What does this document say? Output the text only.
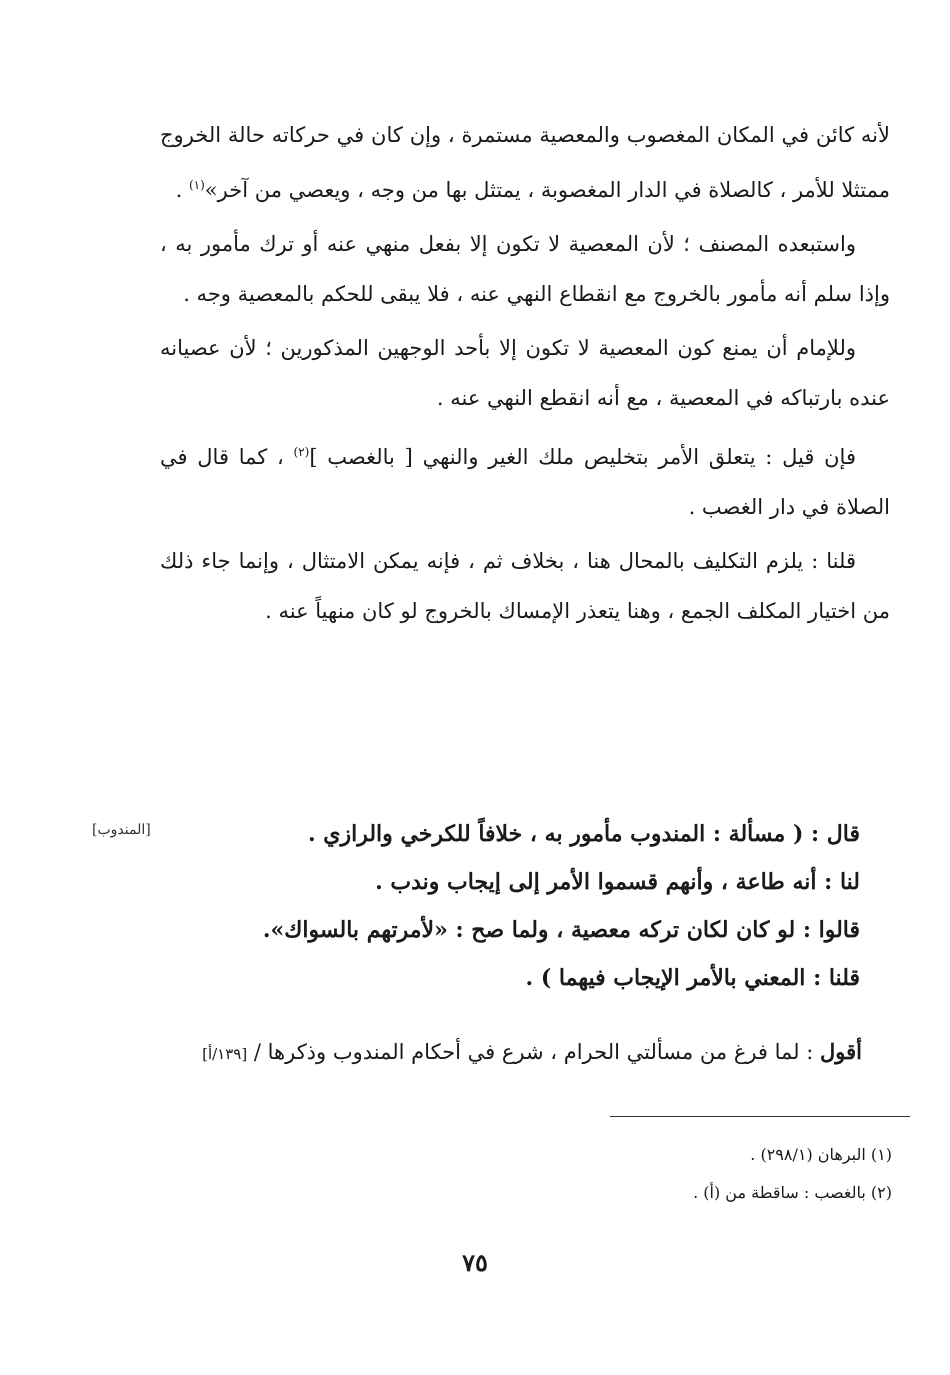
لأنه كائن في المكان المغصوب والمعصية مستمرة ، وإن كان في حركاته حالة الخروج ممتثلا للأمر ، كالصلاة في الدار المغصوبة ، يمتثل بها من وجه ، ويعصي من آخر»$^{(١)}$ .

واستبعده المصنف ؛ لأن المعصية لا تكون إلا بفعل منهي عنه أو ترك مأمور به ، وإذا سلم أنه مأمور بالخروج مع انقطاع النهي عنه ، فلا يبقى للحكم بالمعصية وجه .

وللإمام أن يمنع كون المعصية لا تكون إلا بأحد الوجهين المذكورين ؛ لأن عصيانه عنده بارتباكه في المعصية ، مع أنه انقطع النهي عنه .

فإن قيل : يتعلق الأمر بتخليص ملك الغير والنهي [ بالغصب ]$^{(٢)}$ ، كما قال في الصلاة في دار الغصب .

قلنا : يلزم التكليف بالمحال هنا ، بخلاف ثم ، فإنه يمكن الامتثال ، وإنما جاء ذلك من اختيار المكلف الجمع ، وهنا يتعذر الإمساك بالخروج لو كان منهياً عنه .

[المندوب]	قال : ( مسألة : المندوب مأمور به ، خلافاً للكرخي والرازي .

لنا : أنه طاعة ، وأنهم قسموا الأمر إلى إيجاب وندب .

قالوا : لو كان لكان تركه معصية ، ولما صح : «لأمرتهم بالسواك».

قلنا : المعني بالأمر الإيجاب فيهما ) .

أقول : لما فرغ من مسألتي الحرام ، شرع في أحكام المندوب وذكرها / [١٣٩/أ]

(١) البرهان (٢٩٨/١) .

(٢) بالغصب : ساقطة من (أ) .

٧٥
